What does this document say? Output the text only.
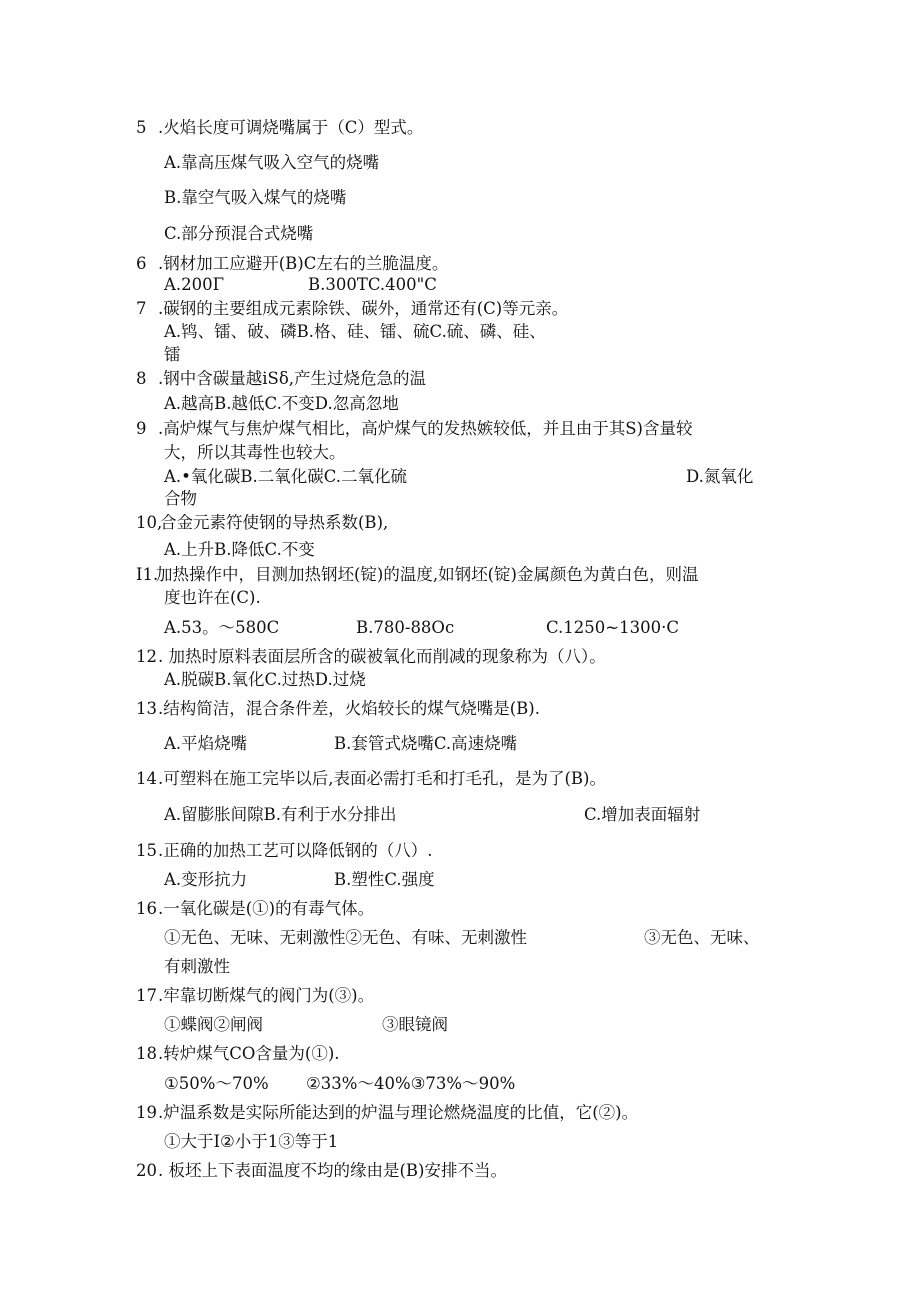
5 .火焰长度可调烧嘴属于（C）型式。
A.靠高压煤气吸入空气的烧嘴
B.靠空气吸入煤气的烧嘴
C.部分预混合式烧嘴
6 .钢材加工应避开(B)C左右的兰脆温度。
A.200Γ	B.300TC.400"C
7 .碳钢的主要组成元素除铁、碳外，通常还有(C)等元亲。
A.鸨、镭、破、磷B.格、硅、镭、硫C.硫、磷、硅、
镭
8 .钢中含碳量越iSδ,产生过烧危急的温
A.越高B.越低C.不变D.忽高忽地
9 .高炉煤气与焦炉煤气相比，高炉煤气的发热嫉较低，并且由于其S)含量较
大，所以其毒性也较大。
A.•氧化碳B.二氧化碳C.二氧化硫	D.氮氧化
合物
10,
合金元素符使钢的导热系数(B),
A.上升B.降低C.不变
I1.
加热操作中，目测加热钢坯(锭)的温度,如钢坯(锭)金属颜色为黄白色，则温
度也许在(C).
A.53。～580C	B.780-88Oc	C.1250~1300·C
12 . 加热时原料表面层所含的碳被氧化而削减的现象称为（八）。
A.脱碳B.氧化C.过热D.过烧
13 .结构简洁，混合条件差，火焰较长的煤气烧嘴是(B).
A.平焰烧嘴	B.套管式烧嘴C.高速烧嘴
14 .可塑料在施工完毕以后,表面必需打毛和打毛孔，是为了(B)。
A.留膨胀间隙B.有利于水分排出	C.增加表面辐射
15 .正确的加热工艺可以降低钢的（八）.
A.变形抗力	B.塑性C.强度
16 .一氧化碳是(①)的有毒气体。
①无色、无味、无刺激性②无色、有味、无刺激性	③无色、无味、
有刺激性
17 .牢靠切断煤气的阀门为(③)。
①蝶阀②闸阀	③眼镜阀
18 .转炉煤气CO含量为(①).
①50%～70% ②33%～40%③73%～90%
19 .炉温系数是实际所能达到的炉温与理论燃烧温度的比值，它(②)。
①大于I②小于1③等于1
20 . 板坯上下表面温度不均的缘由是(B)安排不当。
